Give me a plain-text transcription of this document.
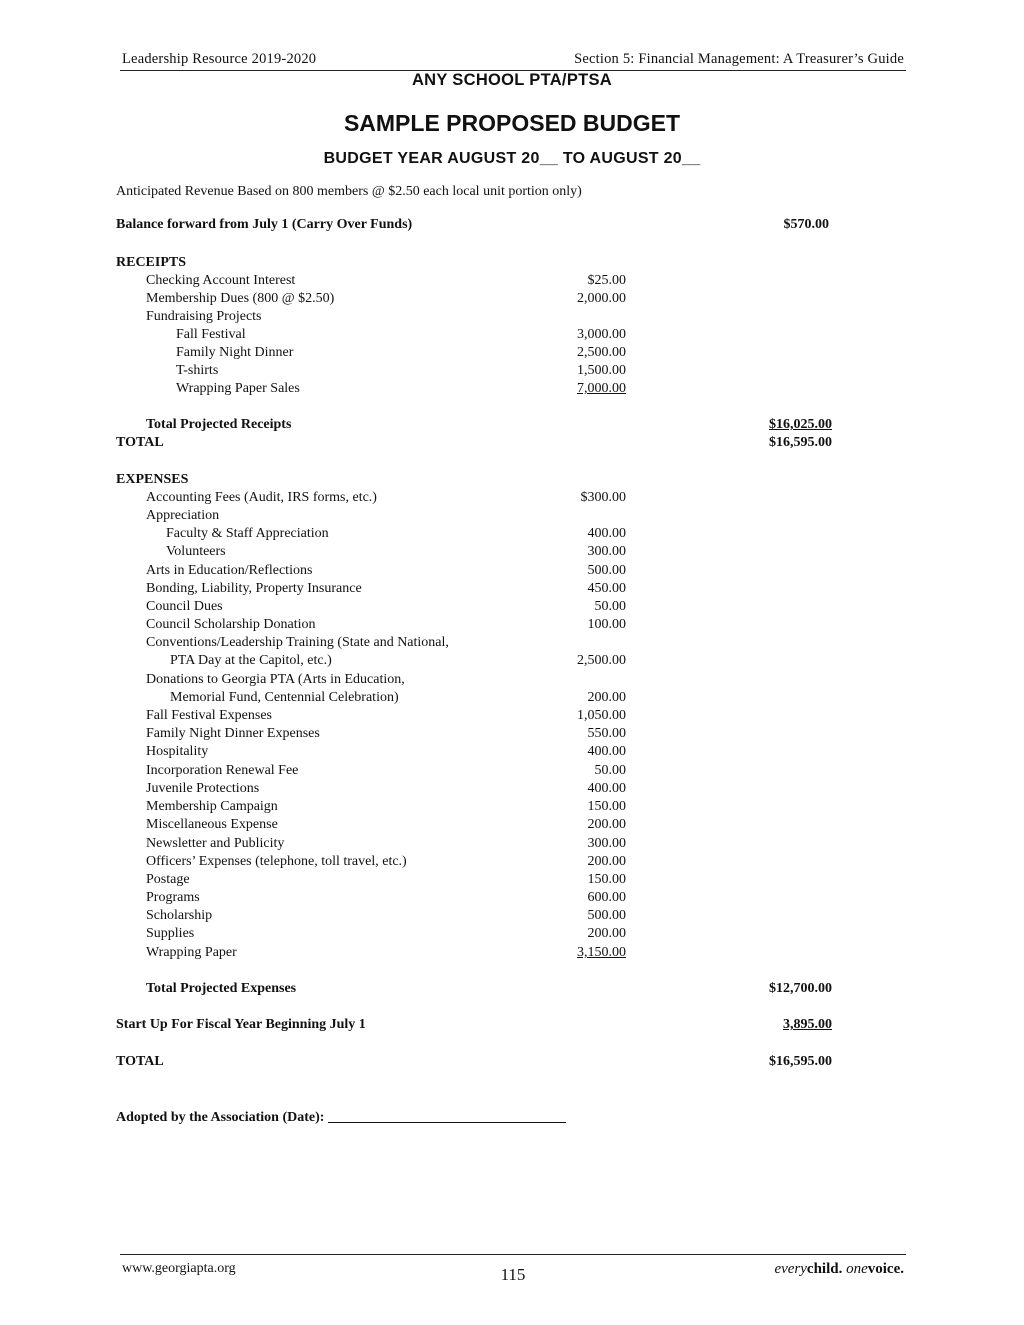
Leadership Resource 2019-2020	Section 5: Financial Management: A Treasurer’s Guide
ANY SCHOOL PTA/PTSA
SAMPLE PROPOSED BUDGET
BUDGET YEAR AUGUST 20__ TO AUGUST 20__
Anticipated Revenue Based on 800 members @ $2.50 each local unit portion only)
Balance forward from July 1 (Carry Over Funds)	$570.00
RECEIPTS
Checking Account Interest	$25.00
Membership Dues (800 @ $2.50)	2,000.00
Fundraising Projects
Fall Festival	3,000.00
Family Night Dinner	2,500.00
T-shirts	1,500.00
Wrapping Paper Sales	7,000.00
Total Projected Receipts	$16,025.00
TOTAL	$16,595.00
EXPENSES
Accounting Fees (Audit, IRS forms, etc.)	$300.00
Appreciation
Faculty & Staff Appreciation	400.00
Volunteers	300.00
Arts in Education/Reflections	500.00
Bonding, Liability, Property Insurance	450.00
Council Dues	50.00
Council Scholarship Donation	100.00
Conventions/Leadership Training (State and National,
PTA Day at the Capitol, etc.)	2,500.00
Donations to Georgia PTA (Arts in Education,
Memorial Fund, Centennial Celebration)	200.00
Fall Festival Expenses	1,050.00
Family Night Dinner Expenses	550.00
Hospitality	400.00
Incorporation Renewal Fee	50.00
Juvenile Protections	400.00
Membership Campaign	150.00
Miscellaneous Expense	200.00
Newsletter and Publicity	300.00
Officers’ Expenses (telephone, toll travel, etc.)	200.00
Postage	150.00
Programs	600.00
Scholarship	500.00
Supplies	200.00
Wrapping Paper	3,150.00
Total Projected Expenses	$12,700.00
Start Up For Fiscal Year Beginning July 1	3,895.00
TOTAL	$16,595.00
Adopted by the Association (Date):
www.georgiapta.org	115	everychild. onevoice.
